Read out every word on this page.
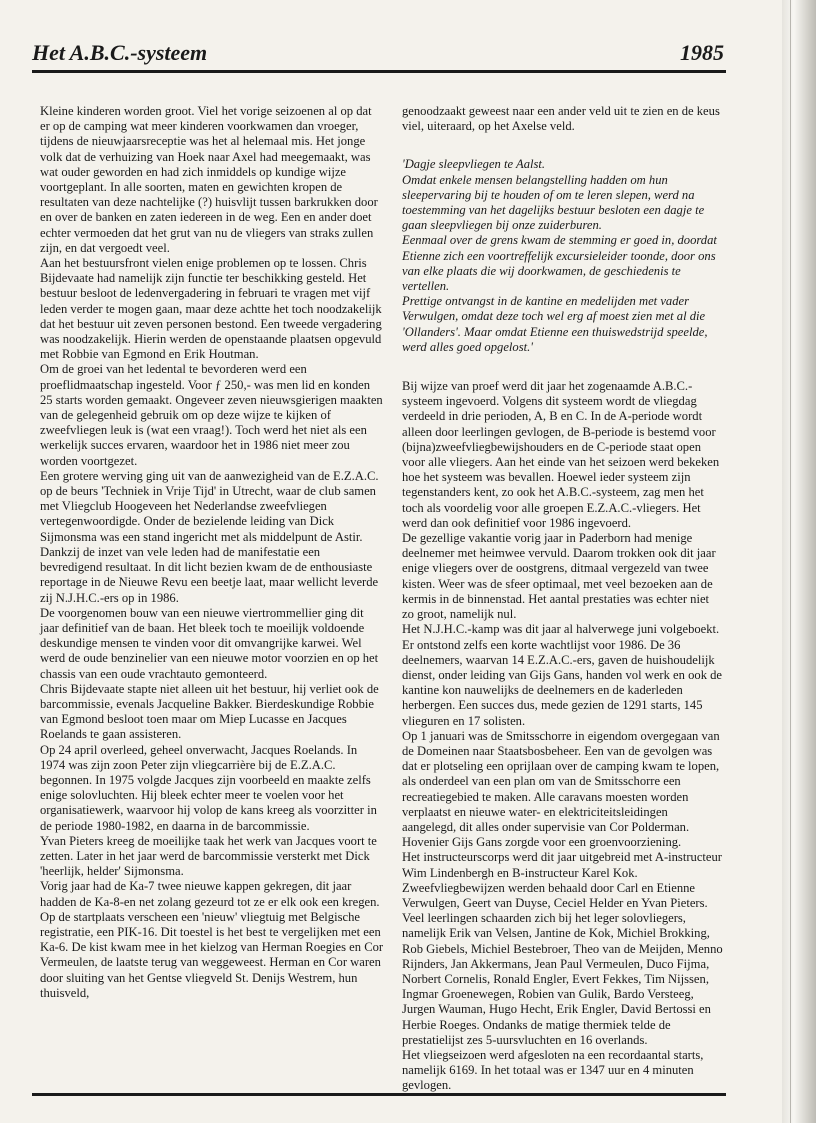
Het A.B.C.-systeem	1985

Kleine kinderen worden groot. Viel het vorige seizoenen al op dat er op de camping wat meer kinderen voorkwamen dan vroeger, tijdens de nieuwjaarsreceptie was het al helemaal mis. Het jonge volk dat de verhuizing van Hoek naar Axel had meegemaakt, was wat ouder geworden en had zich inmiddels op kundige wijze voortgeplant. In alle soorten, maten en gewichten kropen de resultaten van deze nachtelijke (?) huisvlijt tussen barkrukken door en over de banken en zaten iedereen in de weg. Een en ander doet echter vermoeden dat het grut van nu de vliegers van straks zullen zijn, en dat vergoedt veel.

Aan het bestuursfront vielen enige problemen op te lossen. Chris Bijdevaate had namelijk zijn functie ter beschikking gesteld. Het bestuur besloot de ledenvergadering in februari te vragen met vijf leden verder te mogen gaan, maar deze achtte het toch noodzakelijk dat het bestuur uit zeven personen bestond. Een tweede vergadering was noodzakelijk. Hierin werden de openstaande plaatsen opgevuld met Robbie van Egmond en Erik Houtman.

Om de groei van het ledental te bevorderen werd een proeflidmaatschap ingesteld. Voor ƒ 250,- was men lid en konden 25 starts worden gemaakt. Ongeveer zeven nieuwsgierigen maakten van de gelegenheid gebruik om op deze wijze te kijken of zweefvliegen leuk is (wat een vraag!). Toch werd het niet als een werkelijk succes ervaren, waardoor het in 1986 niet meer zou worden voortgezet.

Een grotere werving ging uit van de aanwezigheid van de E.Z.A.C. op de beurs 'Techniek in Vrije Tijd' in Utrecht, waar de club samen met Vliegclub Hoogeveen het Nederlandse zweefvliegen vertegenwoordigde. Onder de bezielende leiding van Dick Sijmonsma was een stand ingericht met als middelpunt de Astir. Dankzij de inzet van vele leden had de manifestatie een bevredigend resultaat. In dit licht bezien kwam de de enthousiaste reportage in de Nieuwe Revu een beetje laat, maar wellicht leverde zij N.J.H.C.-ers op in 1986.

De voorgenomen bouw van een nieuwe viertrommellier ging dit jaar definitief van de baan. Het bleek toch te moeilijk voldoende deskundige mensen te vinden voor dit omvangrijke karwei. Wel werd de oude benzinelier van een nieuwe motor voorzien en op het chassis van een oude vrachtauto gemonteerd.

Chris Bijdevaate stapte niet alleen uit het bestuur, hij verliet ook de barcommissie, evenals Jacqueline Bakker. Bierdeskundige Robbie van Egmond besloot toen maar om Miep Lucasse en Jacques Roelands te gaan assisteren.

Op 24 april overleed, geheel onverwacht, Jacques Roelands. In 1974 was zijn zoon Peter zijn vliegcarrière bij de E.Z.A.C. begonnen. In 1975 volgde Jacques zijn voorbeeld en maakte zelfs enige solovluchten. Hij bleek echter meer te voelen voor het organisatiewerk, waarvoor hij volop de kans kreeg als voorzitter in de periode 1980-1982, en daarna in de barcommissie.

Yvan Pieters kreeg de moeilijke taak het werk van Jacques voort te zetten. Later in het jaar werd de barcommissie versterkt met Dick 'heerlijk, helder' Sijmonsma.

Vorig jaar had de Ka-7 twee nieuwe kappen gekregen, dit jaar hadden de Ka-8-en net zolang gezeurd tot ze er elk ook een kregen.

Op de startplaats verscheen een 'nieuw' vliegtuig met Belgische registratie, een PIK-16. Dit toestel is het best te vergelijken met een Ka-6. De kist kwam mee in het kielzog van Herman Roegies en Cor Vermeulen, de laatste terug van weggeweest. Herman en Cor waren door sluiting van het Gentse vliegveld St. Denijs Westrem, hun thuisveld,

genoodzaakt geweest naar een ander veld uit te zien en de keus viel, uiteraard, op het Axelse veld.

'Dagje sleepvliegen te Aalst.

Omdat enkele mensen belangstelling hadden om hun sleepervaring bij te houden of om te leren slepen, werd na toestemming van het dagelijks bestuur besloten een dagje te gaan sleepvliegen bij onze zuiderburen.

Eenmaal over de grens kwam de stemming er goed in, doordat Etienne zich een voortreffelijk excursieleider toonde, door ons van elke plaats die wij doorkwamen, de geschiedenis te vertellen.

Prettige ontvangst in de kantine en medelijden met vader Verwulgen, omdat deze toch wel erg af moest zien met al die 'Ollanders'. Maar omdat Etienne een thuiswedstrijd speelde, werd alles goed opgelost.'

Bij wijze van proef werd dit jaar het zogenaamde A.B.C.-systeem ingevoerd. Volgens dit systeem wordt de vliegdag verdeeld in drie perioden, A, B en C. In de A-periode wordt alleen door leerlingen gevlogen, de B-periode is bestemd voor (bijna)zweefvliegbewijshouders en de C-periode staat open voor alle vliegers. Aan het einde van het seizoen werd bekeken hoe het systeem was bevallen. Hoewel ieder systeem zijn tegenstanders kent, zo ook het A.B.C.-systeem, zag men het toch als voordelig voor alle groepen E.Z.A.C.-vliegers. Het werd dan ook definitief voor 1986 ingevoerd.

De gezellige vakantie vorig jaar in Paderborn had menige deelnemer met heimwee vervuld. Daarom trokken ook dit jaar enige vliegers over de oostgrens, ditmaal vergezeld van twee kisten. Weer was de sfeer optimaal, met veel bezoeken aan de kermis in de binnenstad. Het aantal prestaties was echter niet zo groot, namelijk nul.

Het N.J.H.C.-kamp was dit jaar al halverwege juni volgeboekt. Er ontstond zelfs een korte wachtlijst voor 1986. De 36 deelnemers, waarvan 14 E.Z.A.C.-ers, gaven de huishoudelijk dienst, onder leiding van Gijs Gans, handen vol werk en ook de kantine kon nauwelijks de deelnemers en de kaderleden herbergen. Een succes dus, mede gezien de 1291 starts, 145 vlieguren en 17 solisten.

Op 1 januari was de Smitsschorre in eigendom overgegaan van de Domeinen naar Staatsbosbeheer. Een van de gevolgen was dat er plotseling een oprijlaan over de camping kwam te lopen, als onderdeel van een plan om van de Smitsschorre een recreatiegebied te maken. Alle caravans moesten worden verplaatst en nieuwe water- en elektriciteitsleidingen aangelegd, dit alles onder supervisie van Cor Polderman. Hovenier Gijs Gans zorgde voor een groenvoorziening.

Het instructeurscorps werd dit jaar uitgebreid met A-instructeur Wim Lindenbergh en B-instructeur Karel Kok. Zweefvliegbewijzen werden behaald door Carl en Etienne Verwulgen, Geert van Duyse, Ceciel Helder en Yvan Pieters. Veel leerlingen schaarden zich bij het leger solovliegers, namelijk Erik van Velsen, Jantine de Kok, Michiel Brokking, Rob Giebels, Michiel Bestebroer, Theo van de Meijden, Menno Rijnders, Jan Akkermans, Jean Paul Vermeulen, Duco Fijma, Norbert Cornelis, Ronald Engler, Evert Fekkes, Tim Nijssen, Ingmar Groenewegen, Robien van Gulik, Bardo Versteeg, Jurgen Wauman, Hugo Hecht, Erik Engler, David Bertossi en Herbie Roeges. Ondanks de matige thermiek telde de prestatielijst zes 5-uursvluchten en 16 overlands.

Het vliegseizoen werd afgesloten na een recordaantal starts, namelijk 6169. In het totaal was er 1347 uur en 4 minuten gevlogen.
